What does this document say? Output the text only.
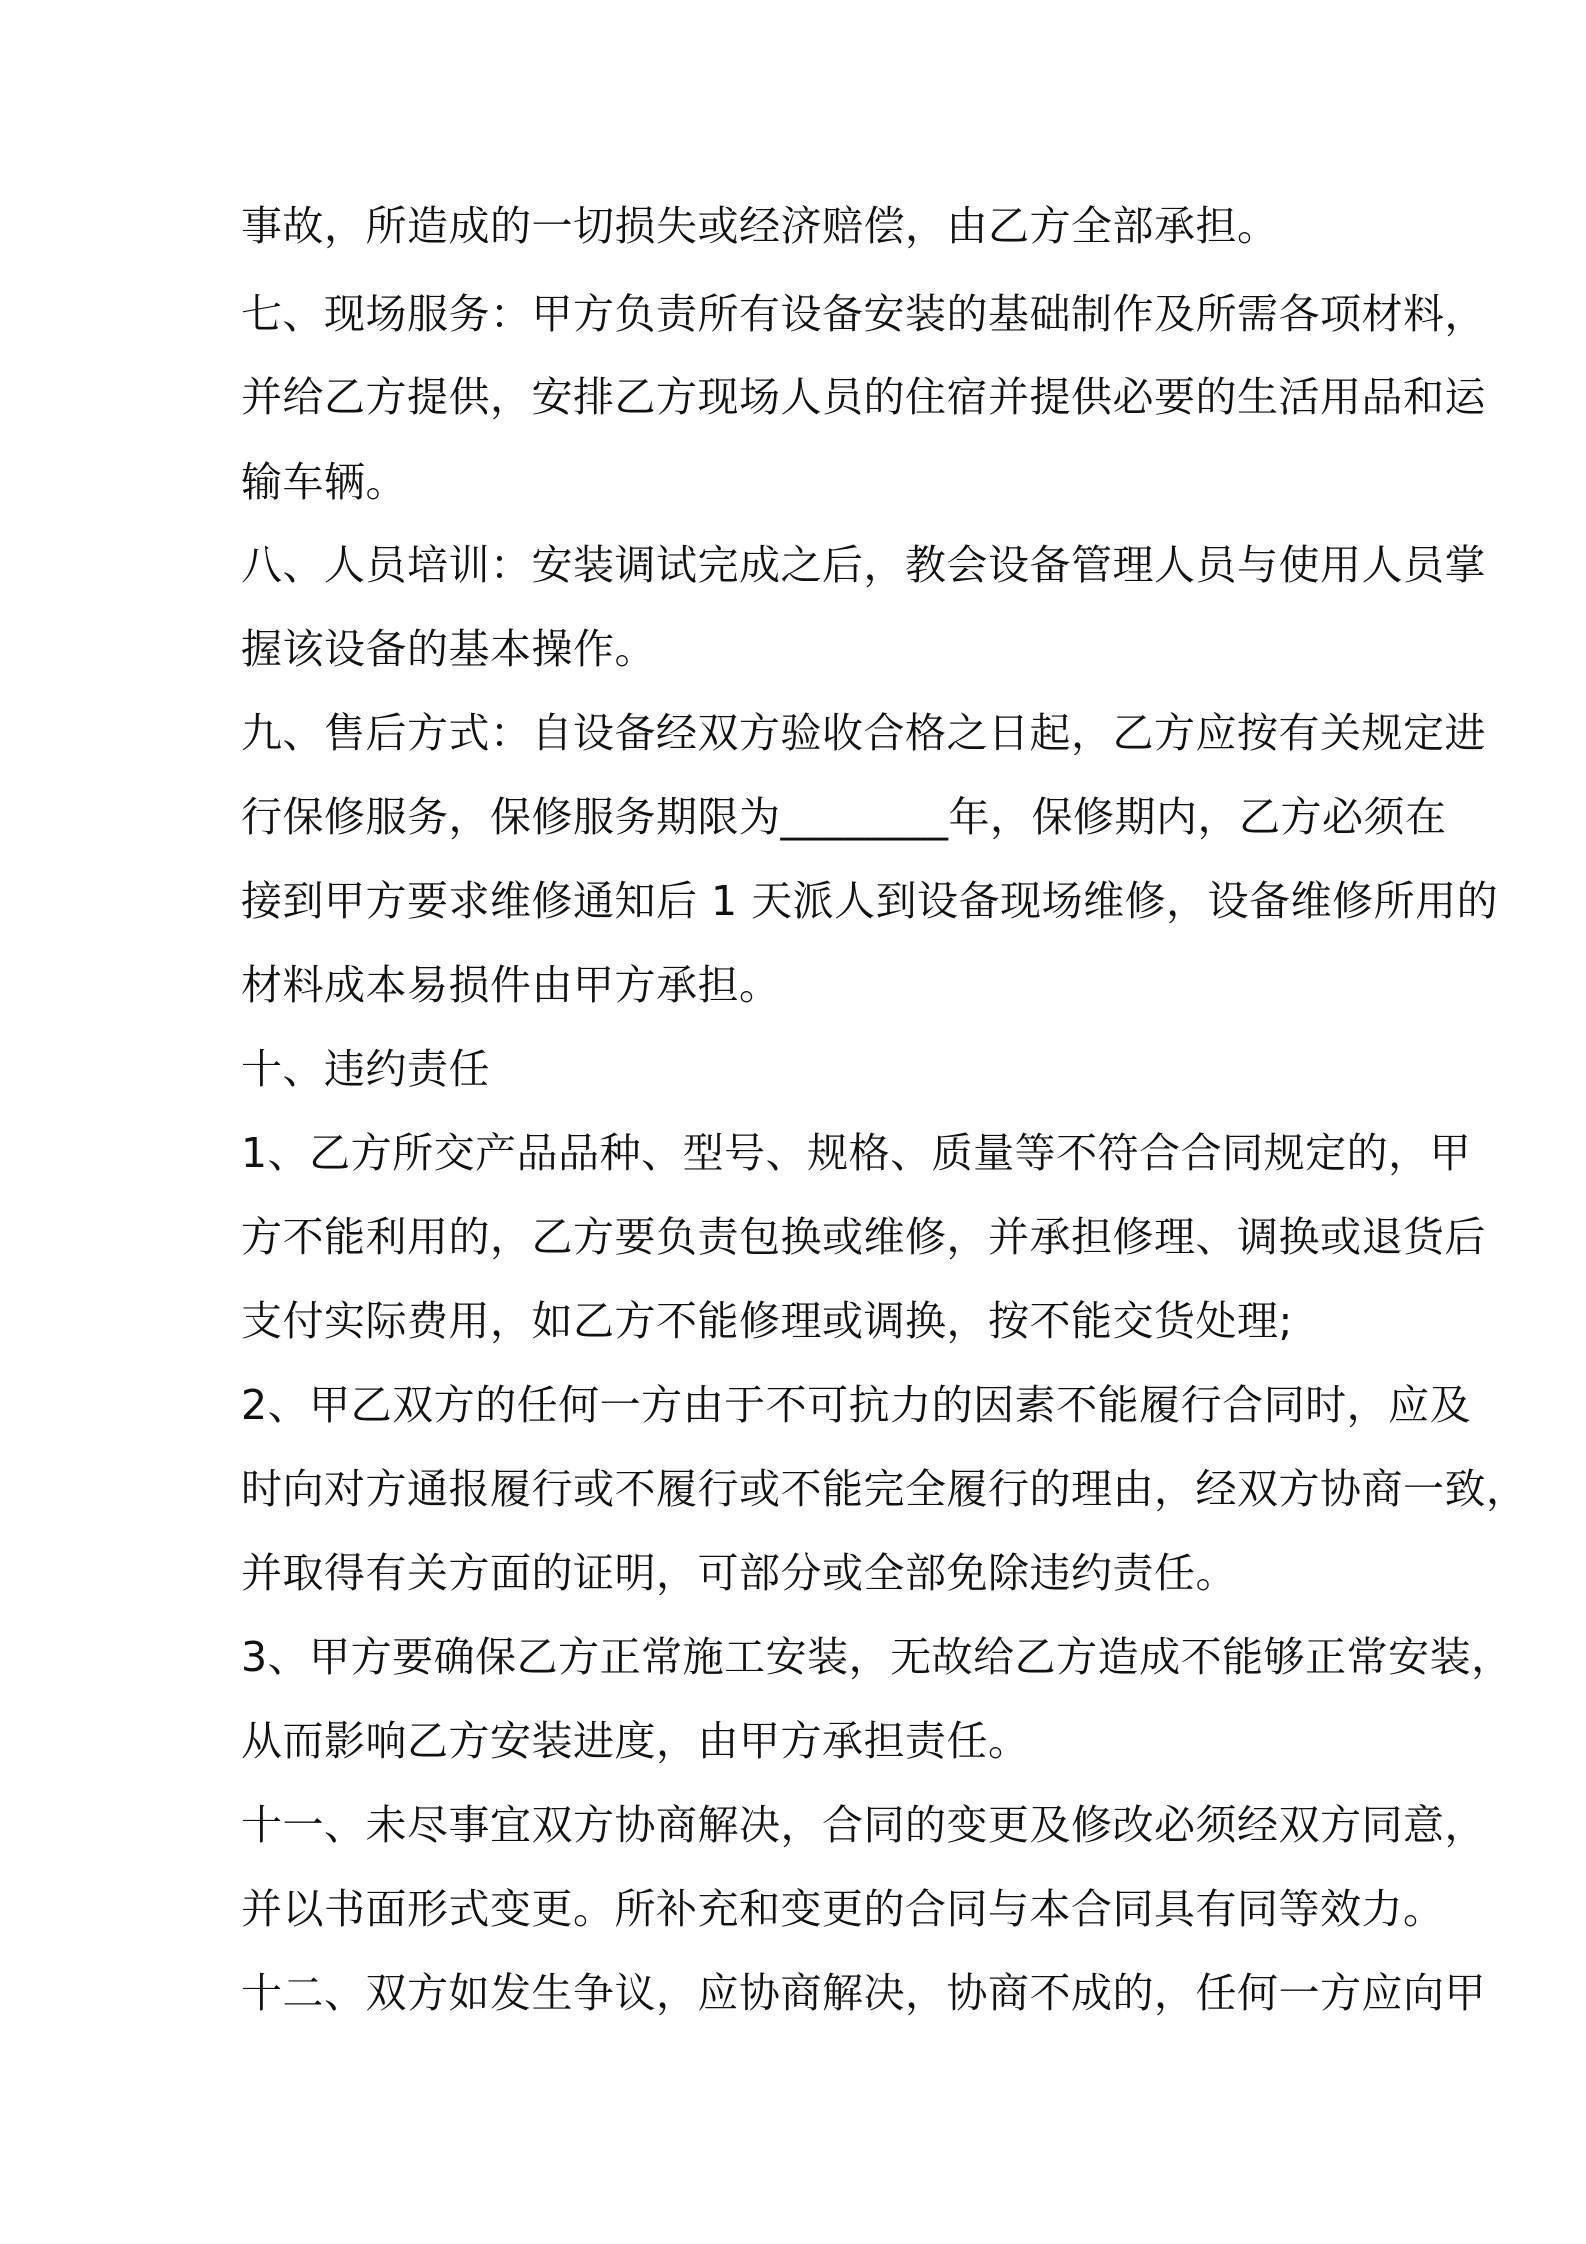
事故，所造成的一切损失或经济赔偿，由乙方全部承担。
七、现场服务：甲方负责所有设备安装的基础制作及所需各项材料，
并给乙方提供，安排乙方现场人员的住宿并提供必要的生活用品和运
输车辆。
八、人员培训：安装调试完成之后，教会设备管理人员与使用人员掌
握该设备的基本操作。
九、售后方式：自设备经双方验收合格之日起，乙方应按有关规定进
行保修服务，保修服务期限为________年，保修期内，乙方必须在
接到甲方要求维修通知后 1 天派人到设备现场维修，设备维修所用的
材料成本易损件由甲方承担。
十、违约责任
1、乙方所交产品品种、型号、规格、质量等不符合合同规定的，甲
方不能利用的，乙方要负责包换或维修，并承担修理、调换或退货后
支付实际费用，如乙方不能修理或调换，按不能交货处理;
2、甲乙双方的任何一方由于不可抗力的因素不能履行合同时，应及
时向对方通报履行或不履行或不能完全履行的理由，经双方协商一致，
并取得有关方面的证明，可部分或全部免除违约责任。
3、甲方要确保乙方正常施工安装，无故给乙方造成不能够正常安装，
从而影响乙方安装进度，由甲方承担责任。
十一、未尽事宜双方协商解决，合同的变更及修改必须经双方同意，
并以书面形式变更。所补充和变更的合同与本合同具有同等效力。
十二、双方如发生争议，应协商解决，协商不成的，任何一方应向甲
